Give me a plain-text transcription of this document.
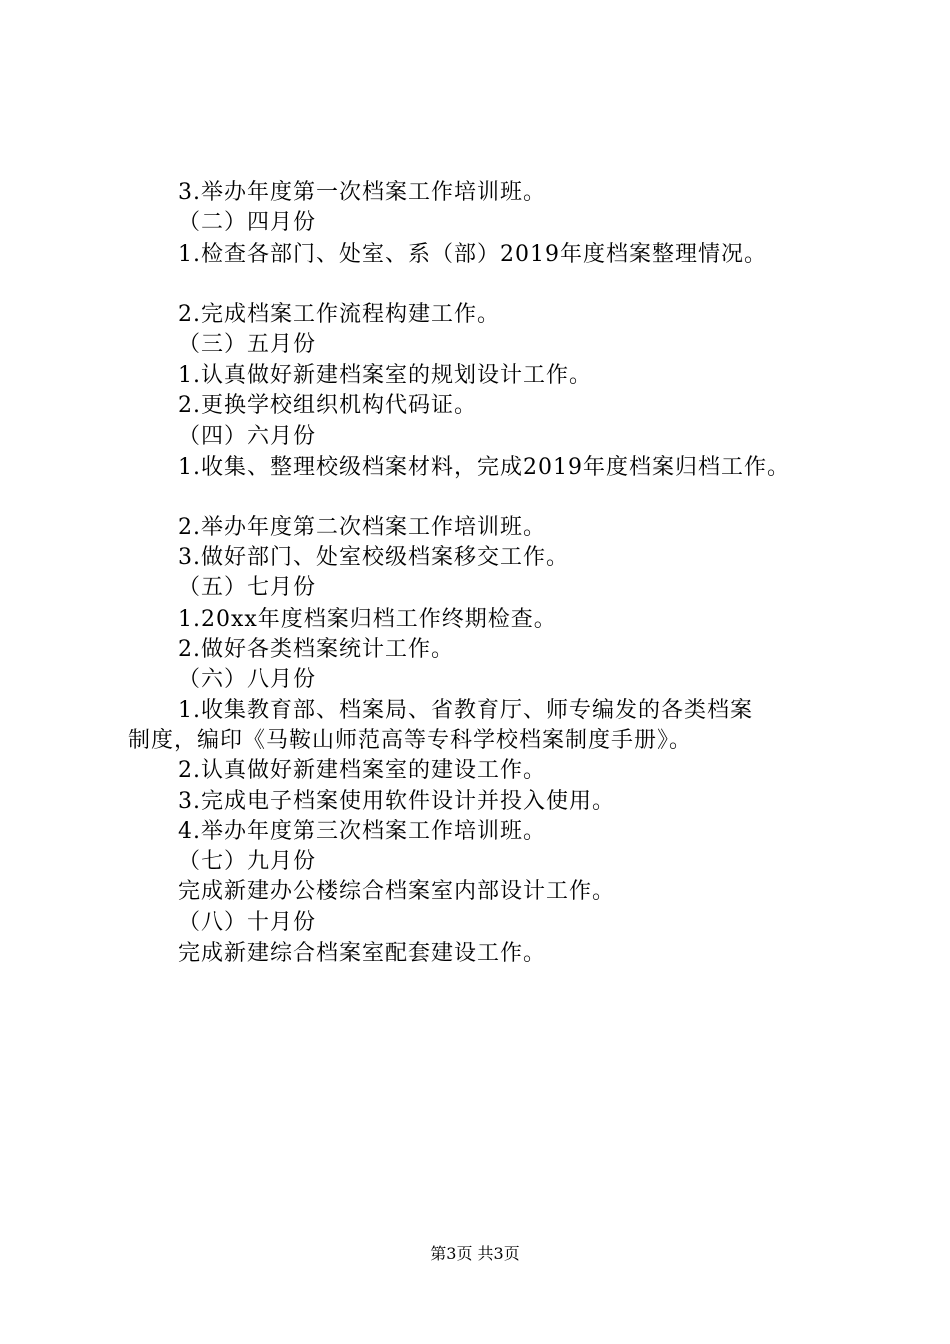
3.举办年度第一次档案工作培训班。
（二）四月份
1.检查各部门、处室、系（部）2019年度档案整理情况。
2.完成档案工作流程构建工作。
（三）五月份
1.认真做好新建档案室的规划设计工作。
2.更换学校组织机构代码证。
（四）六月份
1.收集、整理校级档案材料，完成2019年度档案归档工作。
2.举办年度第二次档案工作培训班。
3.做好部门、处室校级档案移交工作。
（五）七月份
1.20xx年度档案归档工作终期检查。
2.做好各类档案统计工作。
（六）八月份
1.收集教育部、档案局、省教育厅、师专编发的各类档案
制度，编印《马鞍山师范高等专科学校档案制度手册》。
2.认真做好新建档案室的建设工作。
3.完成电子档案使用软件设计并投入使用。
4.举办年度第三次档案工作培训班。
（七）九月份
完成新建办公楼综合档案室内部设计工作。
（八）十月份
完成新建综合档案室配套建设工作。
第3页 共3页
